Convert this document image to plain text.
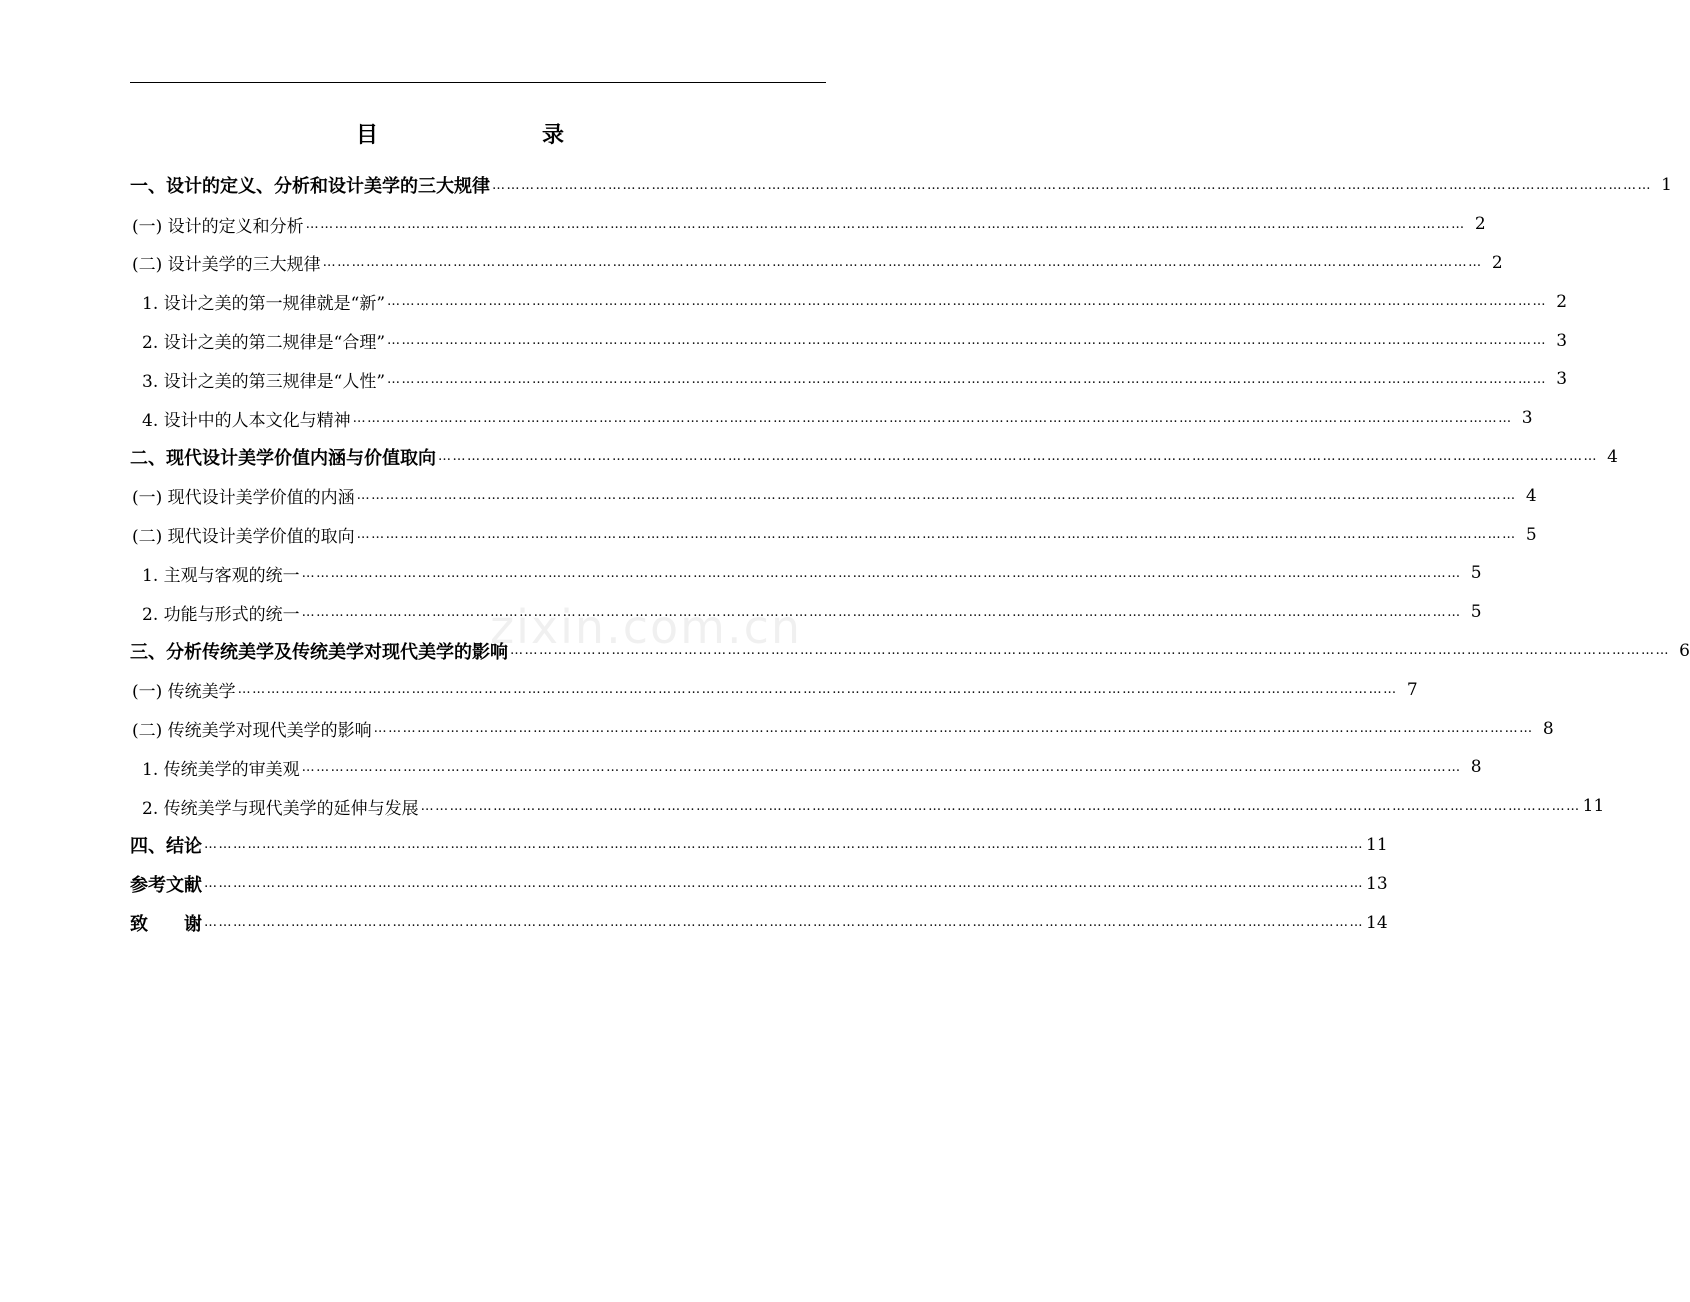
目　　录
zixin.com.cn
一、设计的定义、分析和设计美学的三大规律 …………………………………………………………………………………………………………………………………………………………………………………………………………………… 1
(一) 设计的定义和分析 …………………………………………………………………………………………………………………………………………………………………………………………………………………… 2
(二) 设计美学的三大规律 …………………………………………………………………………………………………………………………………………………………………………………………………………………… 2
1. 设计之美的第一规律就是“新” …………………………………………………………………………………………………………………………………………………………………………………………………………………… 2
2. 设计之美的第二规律是“合理” …………………………………………………………………………………………………………………………………………………………………………………………………………………… 3
3. 设计之美的第三规律是“人性” …………………………………………………………………………………………………………………………………………………………………………………………………………………… 3
4. 设计中的人本文化与精神 …………………………………………………………………………………………………………………………………………………………………………………………………………………… 3
二、现代设计美学价值内涵与价值取向 …………………………………………………………………………………………………………………………………………………………………………………………………………………… 4
(一) 现代设计美学价值的内涵 …………………………………………………………………………………………………………………………………………………………………………………………………………………… 4
(二) 现代设计美学价值的取向 …………………………………………………………………………………………………………………………………………………………………………………………………………………… 5
1. 主观与客观的统一 …………………………………………………………………………………………………………………………………………………………………………………………………………………… 5
2. 功能与形式的统一 …………………………………………………………………………………………………………………………………………………………………………………………………………………… 5
三、分析传统美学及传统美学对现代美学的影响 …………………………………………………………………………………………………………………………………………………………………………………………………………………… 6
(一) 传统美学 …………………………………………………………………………………………………………………………………………………………………………………………………………………… 7
(二) 传统美学对现代美学的影响 …………………………………………………………………………………………………………………………………………………………………………………………………………………… 8
1. 传统美学的审美观 …………………………………………………………………………………………………………………………………………………………………………………………………………………… 8
2. 传统美学与现代美学的延伸与发展 …………………………………………………………………………………………………………………………………………………………………………………………………………………… 11
四、结论 …………………………………………………………………………………………………………………………………………………………………………………………………………………… 11
参考文献 …………………………………………………………………………………………………………………………………………………………………………………………………………………… 13
致　　谢 …………………………………………………………………………………………………………………………………………………………………………………………………………………… 14
